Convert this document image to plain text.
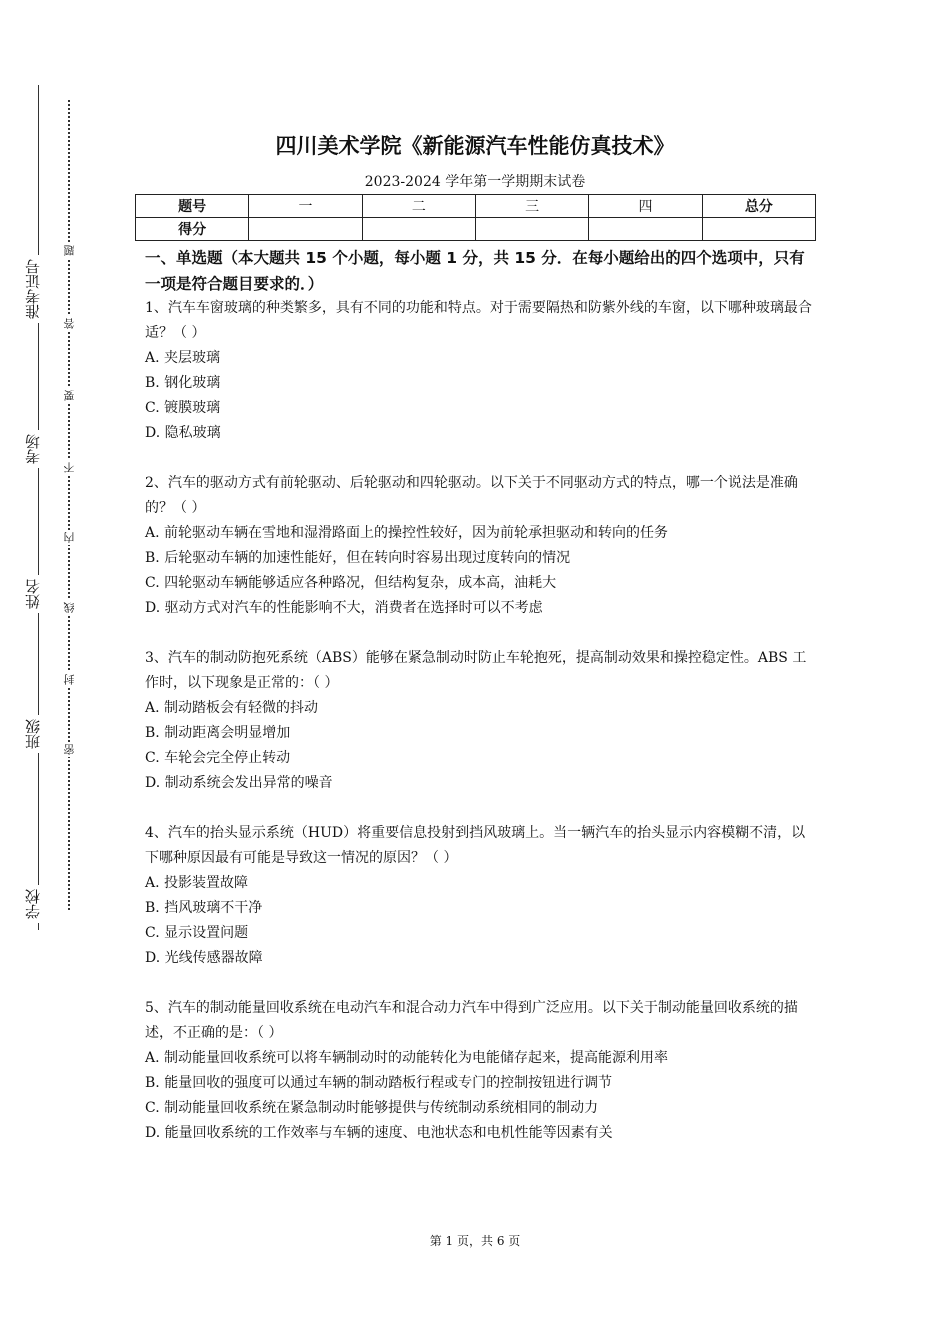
准考证号
考场
姓名
班级
学校
题
答
要
不
内
线
封
密
四川美术学院《新能源汽车性能仿真技术》
2023-2024 学年第一学期期末试卷
题号	一	二	三	四	总分
得分					
一、单选题（本大题共 15 个小题，每小题 1 分，共 15 分．在每小题给出的四个选项中，只有一项是符合题目要求的．）
1、汽车车窗玻璃的种类繁多，具有不同的功能和特点。对于需要隔热和防紫外线的车窗，以下哪种玻璃最合适？（ ）
A. 夹层玻璃
B. 钢化玻璃
C. 镀膜玻璃
D. 隐私玻璃
2、汽车的驱动方式有前轮驱动、后轮驱动和四轮驱动。以下关于不同驱动方式的特点，哪一个说法是准确的？（ ）
A. 前轮驱动车辆在雪地和湿滑路面上的操控性较好，因为前轮承担驱动和转向的任务
B. 后轮驱动车辆的加速性能好，但在转向时容易出现过度转向的情况
C. 四轮驱动车辆能够适应各种路况，但结构复杂，成本高，油耗大
D. 驱动方式对汽车的性能影响不大，消费者在选择时可以不考虑
3、汽车的制动防抱死系统（ABS）能够在紧急制动时防止车轮抱死，提高制动效果和操控稳定性。ABS 工作时，以下现象是正常的：（ ）
A. 制动踏板会有轻微的抖动
B. 制动距离会明显增加
C. 车轮会完全停止转动
D. 制动系统会发出异常的噪音
4、汽车的抬头显示系统（HUD）将重要信息投射到挡风玻璃上。当一辆汽车的抬头显示内容模糊不清，以下哪种原因最有可能是导致这一情况的原因？（ ）
A. 投影装置故障
B. 挡风玻璃不干净
C. 显示设置问题
D. 光线传感器故障
5、汽车的制动能量回收系统在电动汽车和混合动力汽车中得到广泛应用。以下关于制动能量回收系统的描述，不正确的是：（ ）
A. 制动能量回收系统可以将车辆制动时的动能转化为电能储存起来，提高能源利用率
B. 能量回收的强度可以通过车辆的制动踏板行程或专门的控制按钮进行调节
C. 制动能量回收系统在紧急制动时能够提供与传统制动系统相同的制动力
D. 能量回收系统的工作效率与车辆的速度、电池状态和电机性能等因素有关
第 1 页，共 6 页
